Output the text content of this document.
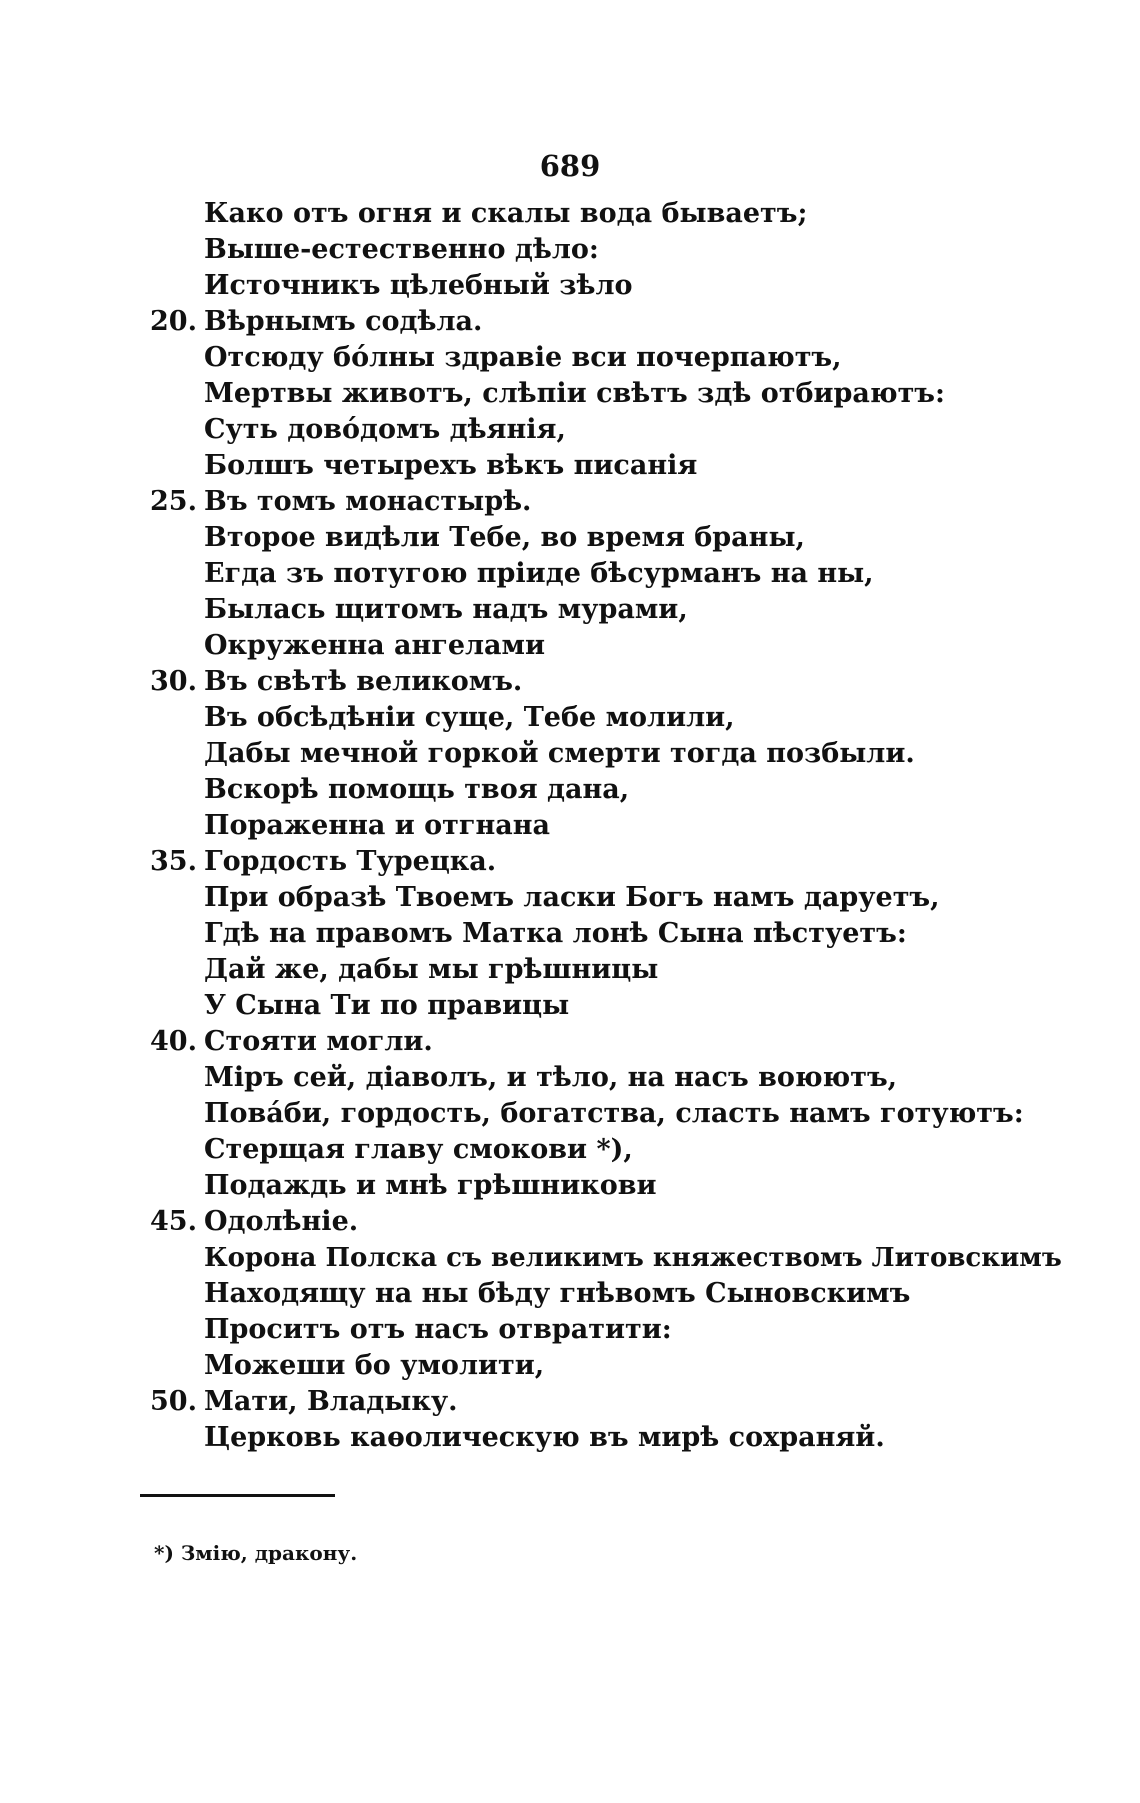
689
Како отъ огня и скалы вода бываетъ;
Выше-естественно дѣло:
Источникъ цѣлебный зѣло
20. Вѣрнымъ содѣла.
Отсюду бо́лны здравіе вси почерпаютъ,
Мертвы животъ, слѣпіи свѣтъ здѣ отбираютъ:
Суть дово́домъ дѣянія,
Болшъ четырехъ вѣкъ писанія
25. Въ томъ монастырѣ.
Второе видѣли Тебе, во время браны,
Егда зъ потугою пріиде бѣсурманъ на ны,
Былась щитомъ надъ мурами,
Окруженна ангелами
30. Въ свѣтѣ великомъ.
Въ обсѣдѣніи суще, Тебе молили,
Дабы мечной горкой смерти тогда позбыли.
Вскорѣ помощь твоя дана,
Пораженна и отгнана
35. Гордость Турецка.
При образѣ Твоемъ ласки Богъ намъ даруетъ,
Гдѣ на правомъ Матка лонѣ Сына пѣстуетъ:
Дай же, дабы мы грѣшницы
У Сына Ти по правицы
40. Стояти могли.
Міръ сей, діаволъ, и тѣло, на насъ воюютъ,
Пова́би, гордость, богатства, сласть намъ готуютъ:
Стерщая главу смокови *),
Подаждь и мнѣ грѣшникови
45. Одолѣніе.
Корона Полска съ великимъ княжествомъ Литовскимъ
Находящу на ны бѣду гнѣвомъ Сыновскимъ
Проситъ отъ насъ отвратити:
Можеши бо умолити,
50. Мати, Владыку.
Церковь каѳолическую въ мирѣ сохраняй.
*) Змію, дракону.
